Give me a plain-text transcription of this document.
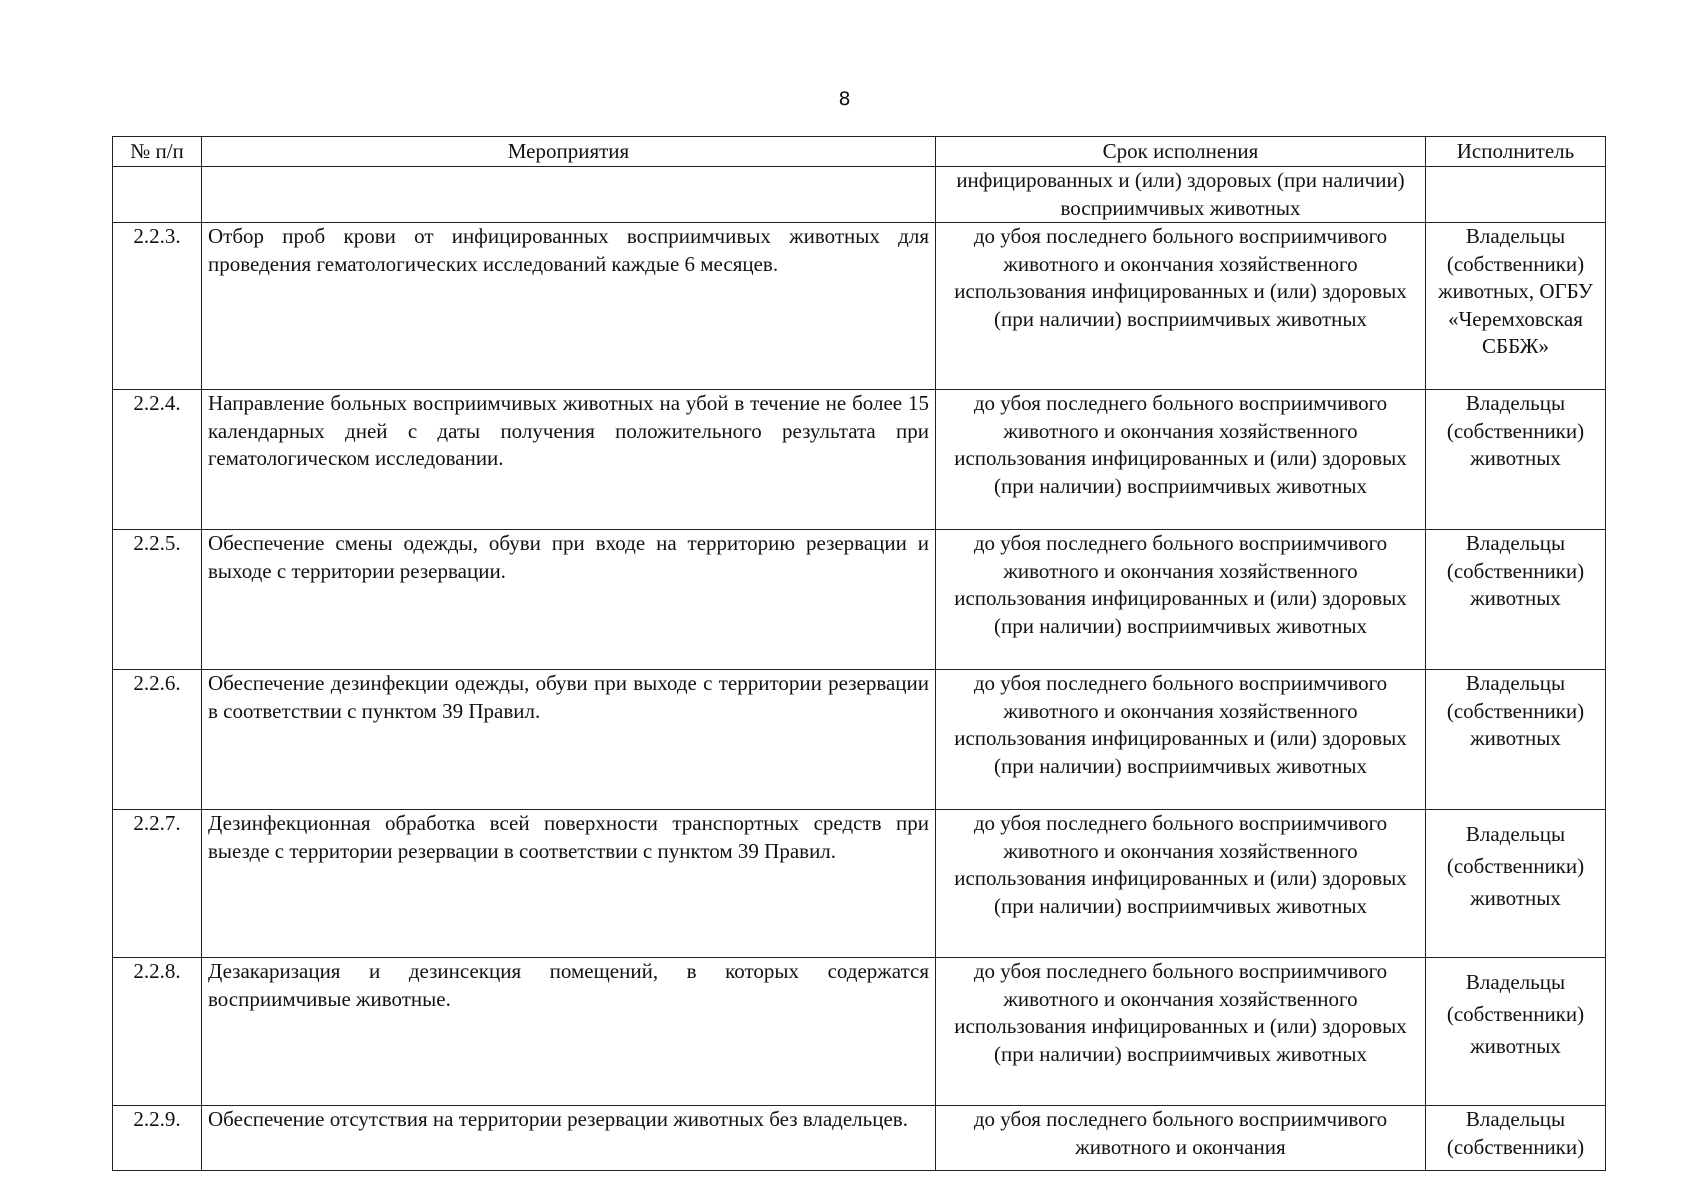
8
№ п/п	Мероприятия	Срок исполнения	Исполнитель
		инфицированных и (или) здоровых (при наличии) восприимчивых животных	
2.2.3.	Отбор проб крови от инфицированных восприимчивых животных для проведения гематологических исследований каждые 6 месяцев.	до убоя последнего больного восприимчивого животного и окончания хозяйственного использования инфицированных и (или) здоровых (при наличии) восприимчивых животных	Владельцы (собственники) животных, ОГБУ «Черемховская СББЖ»
2.2.4.	Направление больных восприимчивых животных на убой в течение не более 15 календарных дней с даты получения положительного результата при гематологическом исследовании.	до убоя последнего больного восприимчивого животного и окончания хозяйственного использования инфицированных и (или) здоровых (при наличии) восприимчивых животных	Владельцы (собственники) животных
2.2.5.	Обеспечение смены одежды, обуви при входе на территорию резервации и выходе с территории резервации.	до убоя последнего больного восприимчивого животного и окончания хозяйственного использования инфицированных и (или) здоровых (при наличии) восприимчивых животных	Владельцы (собственники) животных
2.2.6.	Обеспечение дезинфекции одежды, обуви при выходе с территории резервации в соответствии с пунктом 39 Правил.	до убоя последнего больного восприимчивого животного и окончания хозяйственного использования инфицированных и (или) здоровых (при наличии) восприимчивых животных	Владельцы (собственники) животных
2.2.7.	Дезинфекционная обработка всей поверхности транспортных средств при выезде с территории резервации в соответствии с пунктом 39 Правил.	до убоя последнего больного восприимчивого животного и окончания хозяйственного использования инфицированных и (или) здоровых (при наличии) восприимчивых животных	Владельцы (собственники) животных
2.2.8.	Дезакаризация и дезинсекция помещений, в которых содержатся восприимчивые животные.	до убоя последнего больного восприимчивого животного и окончания хозяйственного использования инфицированных и (или) здоровых (при наличии) восприимчивых животных	Владельцы (собственники) животных
2.2.9.	Обеспечение отсутствия на территории резервации животных без владельцев.	до убоя последнего больного восприимчивого животного и окончания	Владельцы (собственники)
